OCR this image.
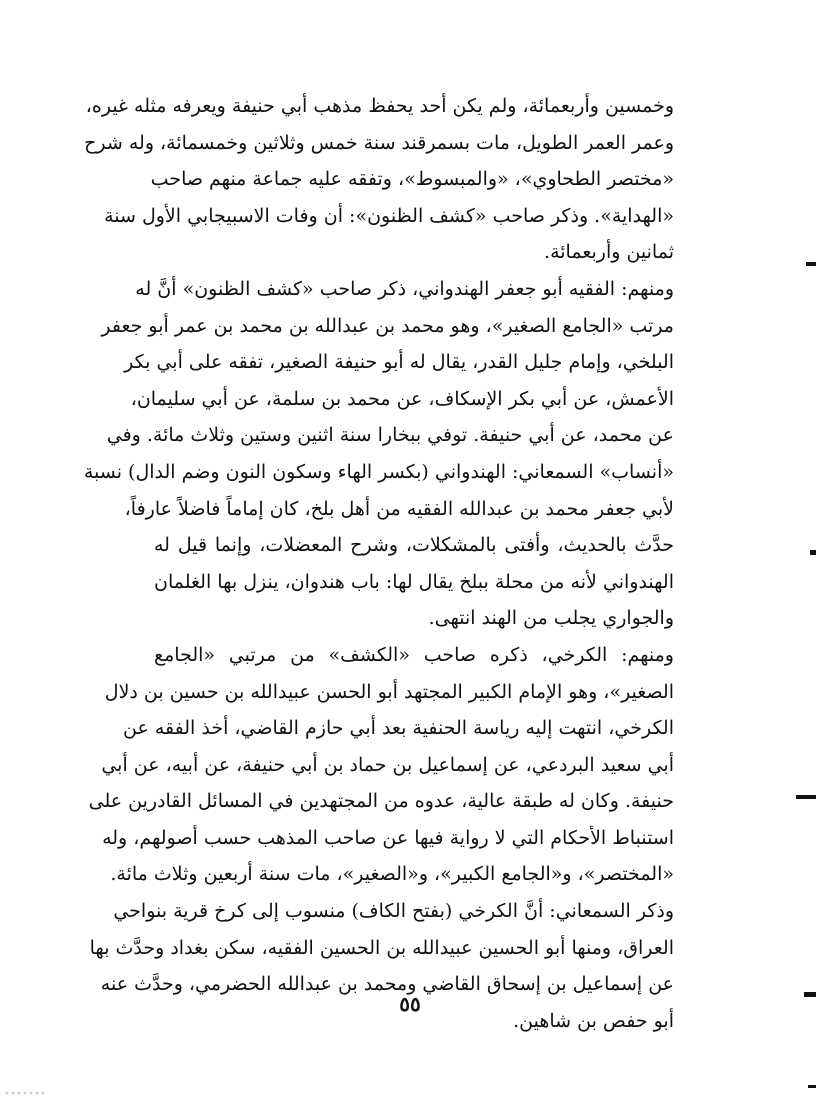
وخمسين وأربعمائة، ولم يكن أحد يحفظ مذهب أبي حنيفة ويعرفه مثله غيره،
وعمر العمر الطويل، مات بسمرقند سنة خمس وثلاثين وخمسمائة، وله شرح
«مختصر الطحاوي»، «والمبسوط»، وتفقه عليه جماعة منهم صاحب
«الهداية». وذكر صاحب «كشف الظنون»: أن وفات الاسبيجابي الأول سنة
ثمانين وأربعمائة.
ومنهم: الفقيه أبو جعفر الهندواني، ذكر صاحب «كشف الظنون» أنَّ له
مرتب «الجامع الصغير»، وهو محمد بن عبدالله بن محمد بن عمر أبو جعفر
البلخي، وإمام جليل القدر، يقال له أبو حنيفة الصغير، تفقه على أبي بكر
الأعمش، عن أبي بكر الإسكاف، عن محمد بن سلمة، عن أبي سليمان،
عن محمد، عن أبي حنيفة. توفي ببخارا سنة اثنين وستين وثلاث مائة. وفي
«أنساب» السمعاني: الهندواني (بكسر الهاء وسكون النون وضم الدال) نسبة
لأبي جعفر محمد بن عبدالله الفقيه من أهل بلخ، كان إماماً فاضلاً عارفاً،
حدَّث بالحديث، وأفتى بالمشكلات، وشرح المعضلات، وإنما قيل له
الهندواني لأنه من محلة ببلخ يقال لها: باب هندوان، ينزل بها الغلمان
والجواري يجلب من الهند انتهى.
ومنهم: الكرخي، ذكره صاحب «الكشف» من مرتبي «الجامع
الصغير»، وهو الإمام الكبير المجتهد أبو الحسن عبيدالله بن حسين بن دلال
الكرخي، انتهت إليه رياسة الحنفية بعد أبي حازم القاضي، أخذ الفقه عن
أبي سعيد البردعي، عن إسماعيل بن حماد بن أبي حنيفة، عن أبيه، عن أبي
حنيفة. وكان له طبقة عالية، عدوه من المجتهدين في المسائل القادرين على
استنباط الأحكام التي لا رواية فيها عن صاحب المذهب حسب أصولهم، وله
«المختصر»، و«الجامع الكبير»، و«الصغير»، مات سنة أربعين وثلاث مائة.
وذكر السمعاني: أنَّ الكرخي (بفتح الكاف) منسوب إلى كرخ قرية بنواحي
العراق، ومنها أبو الحسين عبيدالله بن الحسين الفقيه، سكن بغداد وحدَّث بها
عن إسماعيل بن إسحاق القاضي ومحمد بن عبدالله الحضرمي، وحدَّث عنه
أبو حفص بن شاهين.
٥٥
